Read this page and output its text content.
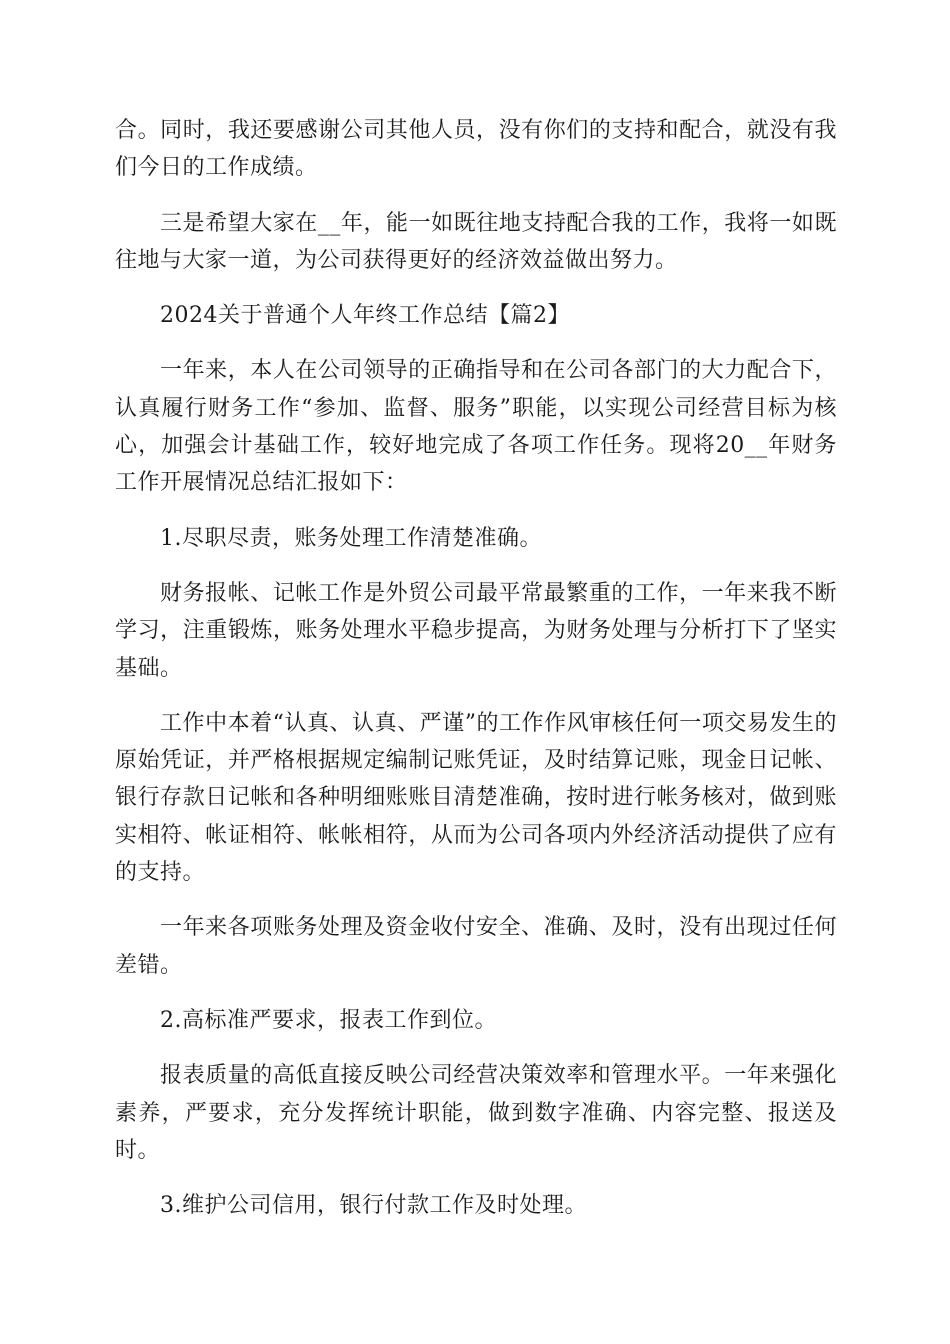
合。同时，我还要感谢公司其他人员，没有你们的支持和配合，就没有我们今日的工作成绩。

三是希望大家在__年，能一如既往地支持配合我的工作，我将一如既往地与大家一道，为公司获得更好的经济效益做出努力。

2024关于普通个人年终工作总结【篇2】

一年来，本人在公司领导的正确指导和在公司各部门的大力配合下，认真履行财务工作“参加、监督、服务”职能，以实现公司经营目标为核心，加强会计基础工作，较好地完成了各项工作任务。现将20__年财务工作开展情况总结汇报如下：

1.尽职尽责，账务处理工作清楚准确。

财务报帐、记帐工作是外贸公司最平常最繁重的工作，一年来我不断学习，注重锻炼，账务处理水平稳步提高，为财务处理与分析打下了坚实基础。

工作中本着“认真、认真、严谨”的工作作风审核任何一项交易发生的原始凭证，并严格根据规定编制记账凭证，及时结算记账，现金日记帐、银行存款日记帐和各种明细账账目清楚准确，按时进行帐务核对，做到账实相符、帐证相符、帐帐相符，从而为公司各项内外经济活动提供了应有的支持。

一年来各项账务处理及资金收付安全、准确、及时，没有出现过任何差错。

2.高标准严要求，报表工作到位。

报表质量的高低直接反映公司经营决策效率和管理水平。一年来强化素养，严要求，充分发挥统计职能，做到数字准确、内容完整、报送及时。

3.维护公司信用，银行付款工作及时处理。
